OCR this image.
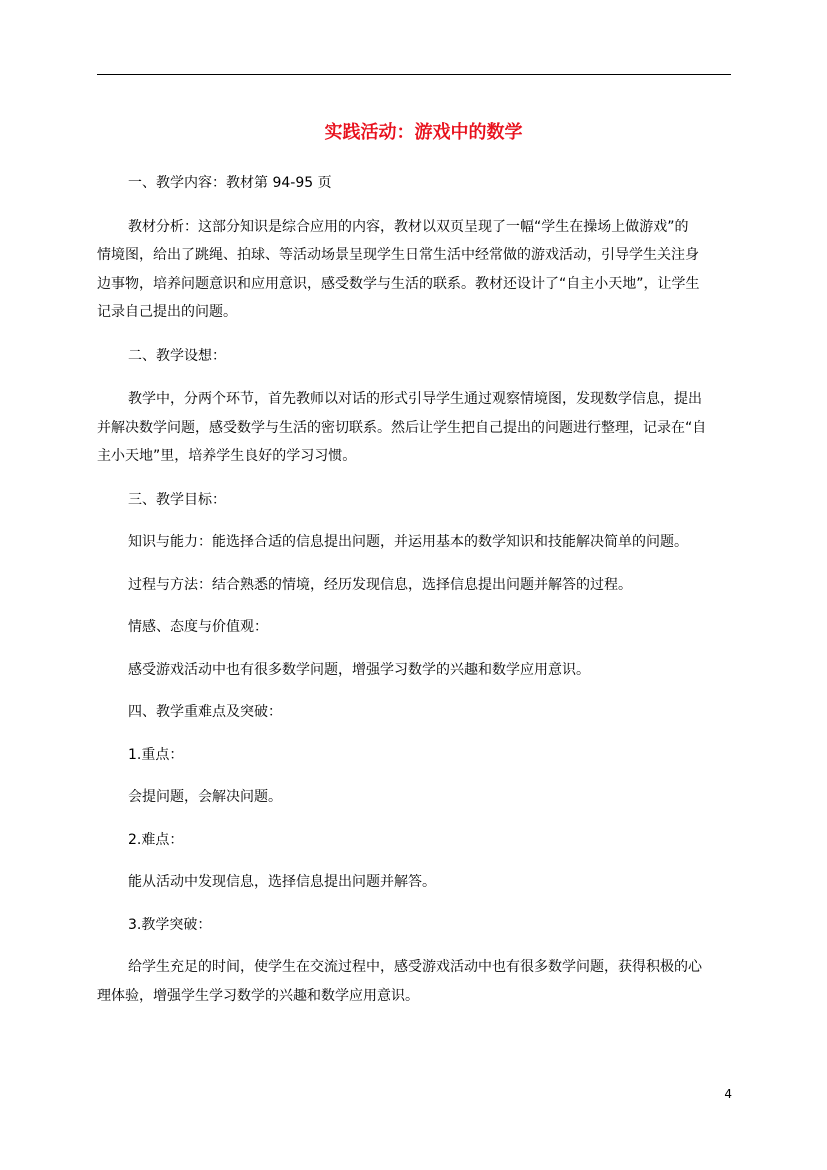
实践活动：游戏中的数学

一、教学内容：教材第 94-95 页

教材分析：这部分知识是综合应用的内容，教材以双页呈现了一幅“学生在操场上做游戏”的
情境图，给出了跳绳、拍球、等活动场景呈现学生日常生活中经常做的游戏活动，引导学生关注身
边事物，培养问题意识和应用意识，感受数学与生活的联系。教材还设计了“自主小天地”，让学生
记录自己提出的问题。

二、教学设想：

教学中，分两个环节，首先教师以对话的形式引导学生通过观察情境图，发现数学信息，提出
并解决数学问题，感受数学与生活的密切联系。然后让学生把自己提出的问题进行整理，记录在“自
主小天地”里，培养学生良好的学习习惯。

三、教学目标：

知识与能力：能选择合适的信息提出问题，并运用基本的数学知识和技能解决简单的问题。

过程与方法：结合熟悉的情境，经历发现信息，选择信息提出问题并解答的过程。

情感、态度与价值观：

感受游戏活动中也有很多数学问题，增强学习数学的兴趣和数学应用意识。

四、教学重难点及突破：

1.重点：

会提问题，会解决问题。

2.难点：

能从活动中发现信息，选择信息提出问题并解答。

3.教学突破：

给学生充足的时间，使学生在交流过程中，感受游戏活动中也有很多数学问题，获得积极的心
理体验，增强学生学习数学的兴趣和数学应用意识。

4
